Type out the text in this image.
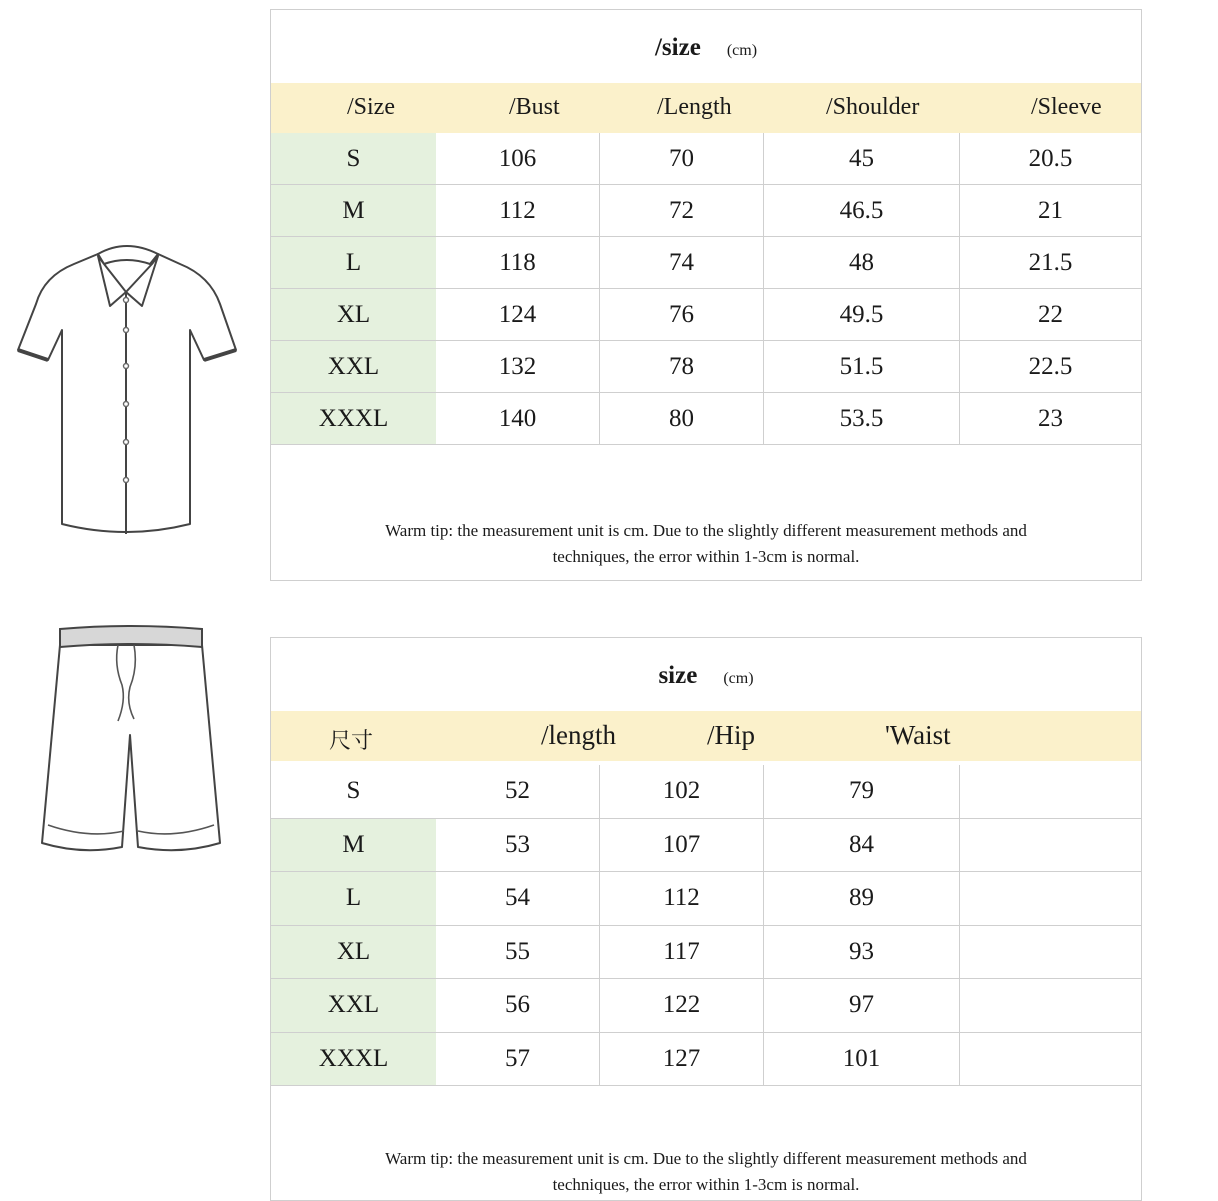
/size (cm)
/Size	/Bust	/Length	/Shoulder	/Sleeve
S	106	70	45	20.5
M	112	72	46.5	21
L	118	74	48	21.5
XL	124	76	49.5	22
XXL	132	78	51.5	22.5
XXXL	140	80	53.5	23
Warm tip: the measurement unit is cm. Due to the slightly different measurement methods and
techniques, the error within 1-3cm is normal.
size (cm)
尺寸	/length	/Hip	'Waist
S	52	102	79
M	53	107	84
L	54	112	89
XL	55	117	93
XXL	56	122	97
XXXL	57	127	101
Warm tip: the measurement unit is cm. Due to the slightly different measurement methods and
techniques, the error within 1-3cm is normal.
